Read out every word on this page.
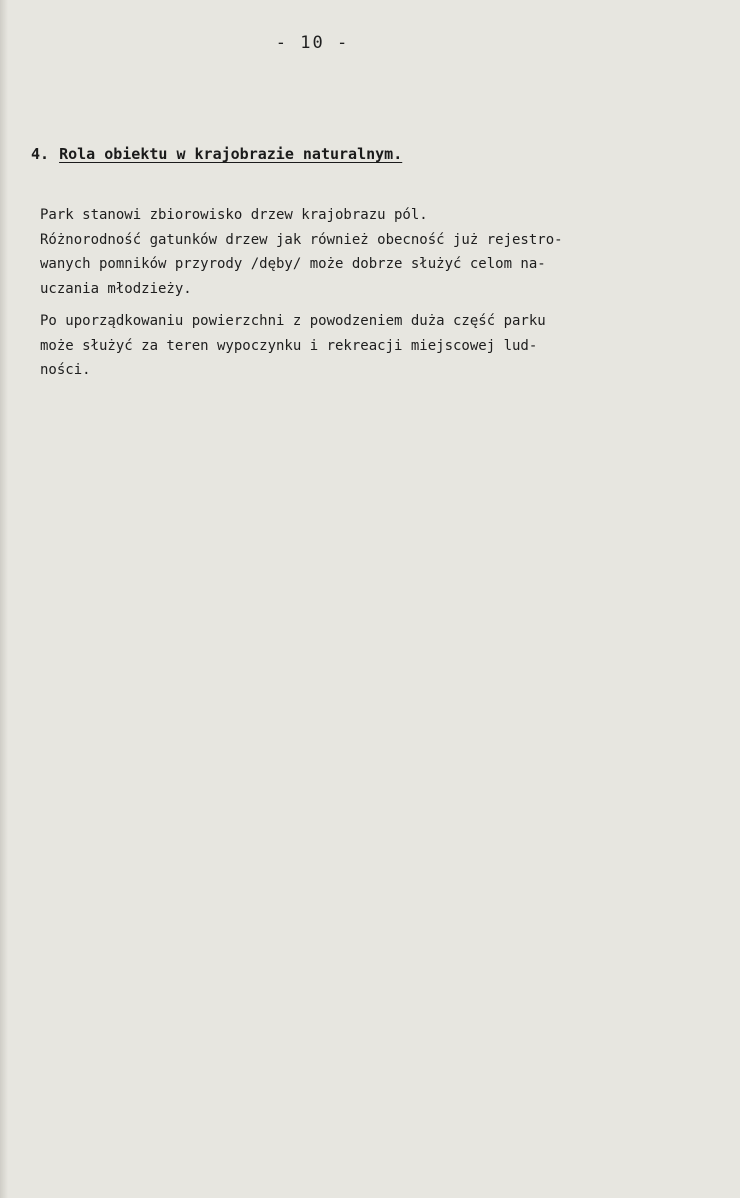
- 10 -
4. Rola obiektu w krajobrazie naturalnym.
Park stanowi zbiorowisko drzew krajobrazu pól.
Różnorodność gatunków drzew jak również obecność już rejestro-
wanych pomników przyrody /dęby/ może dobrze służyć celom na-
uczania młodzieży.
Po uporządkowaniu powierzchni z powodzeniem duża część parku
może służyć za teren wypoczynku i rekreacji miejscowej lud-
ności.
